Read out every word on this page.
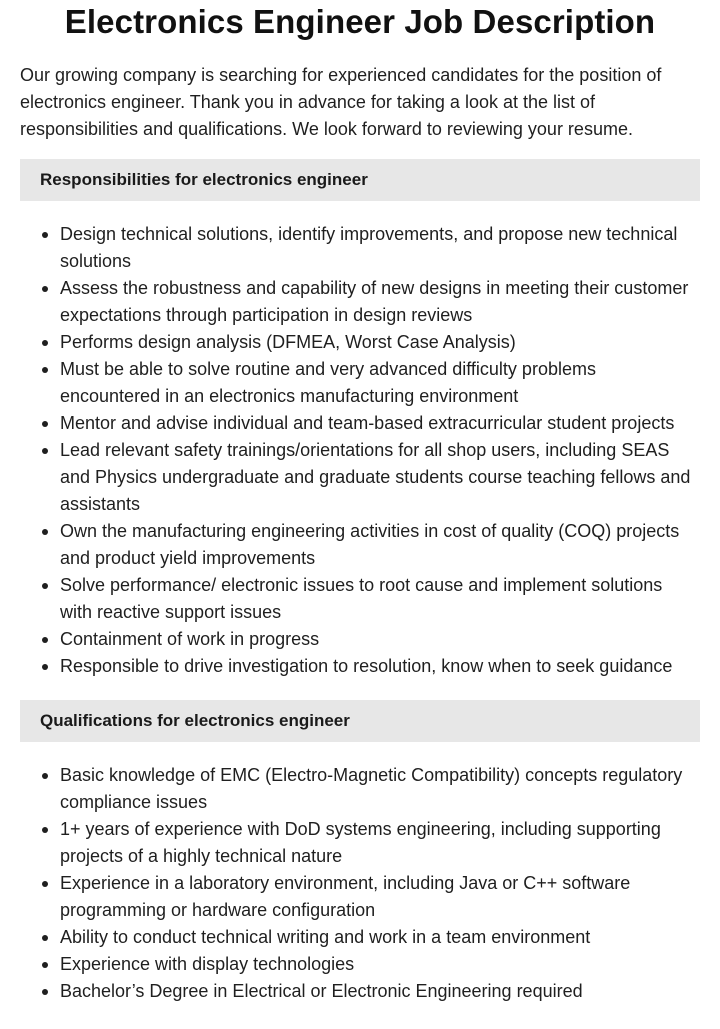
Electronics Engineer Job Description

Our growing company is searching for experienced candidates for the position of electronics engineer. Thank you in advance for taking a look at the list of responsibilities and qualifications. We look forward to reviewing your resume.

Responsibilities for electronics engineer
Design technical solutions, identify improvements, and propose new technical solutions
Assess the robustness and capability of new designs in meeting their customer expectations through participation in design reviews
Performs design analysis (DFMEA, Worst Case Analysis)
Must be able to solve routine and very advanced difficulty problems encountered in an electronics manufacturing environment
Mentor and advise individual and team-based extracurricular student projects
Lead relevant safety trainings/orientations for all shop users, including SEAS and Physics undergraduate and graduate students course teaching fellows and assistants
Own the manufacturing engineering activities in cost of quality (COQ) projects and product yield improvements
Solve performance/ electronic issues to root cause and implement solutions with reactive support issues
Containment of work in progress
Responsible to drive investigation to resolution, know when to seek guidance
Qualifications for electronics engineer
Basic knowledge of EMC (Electro-Magnetic Compatibility) concepts regulatory compliance issues
1+ years of experience with DoD systems engineering, including supporting projects of a highly technical nature
Experience in a laboratory environment, including Java or C++ software programming or hardware configuration
Ability to conduct technical writing and work in a team environment
Experience with display technologies
Bachelor’s Degree in Electrical or Electronic Engineering required
